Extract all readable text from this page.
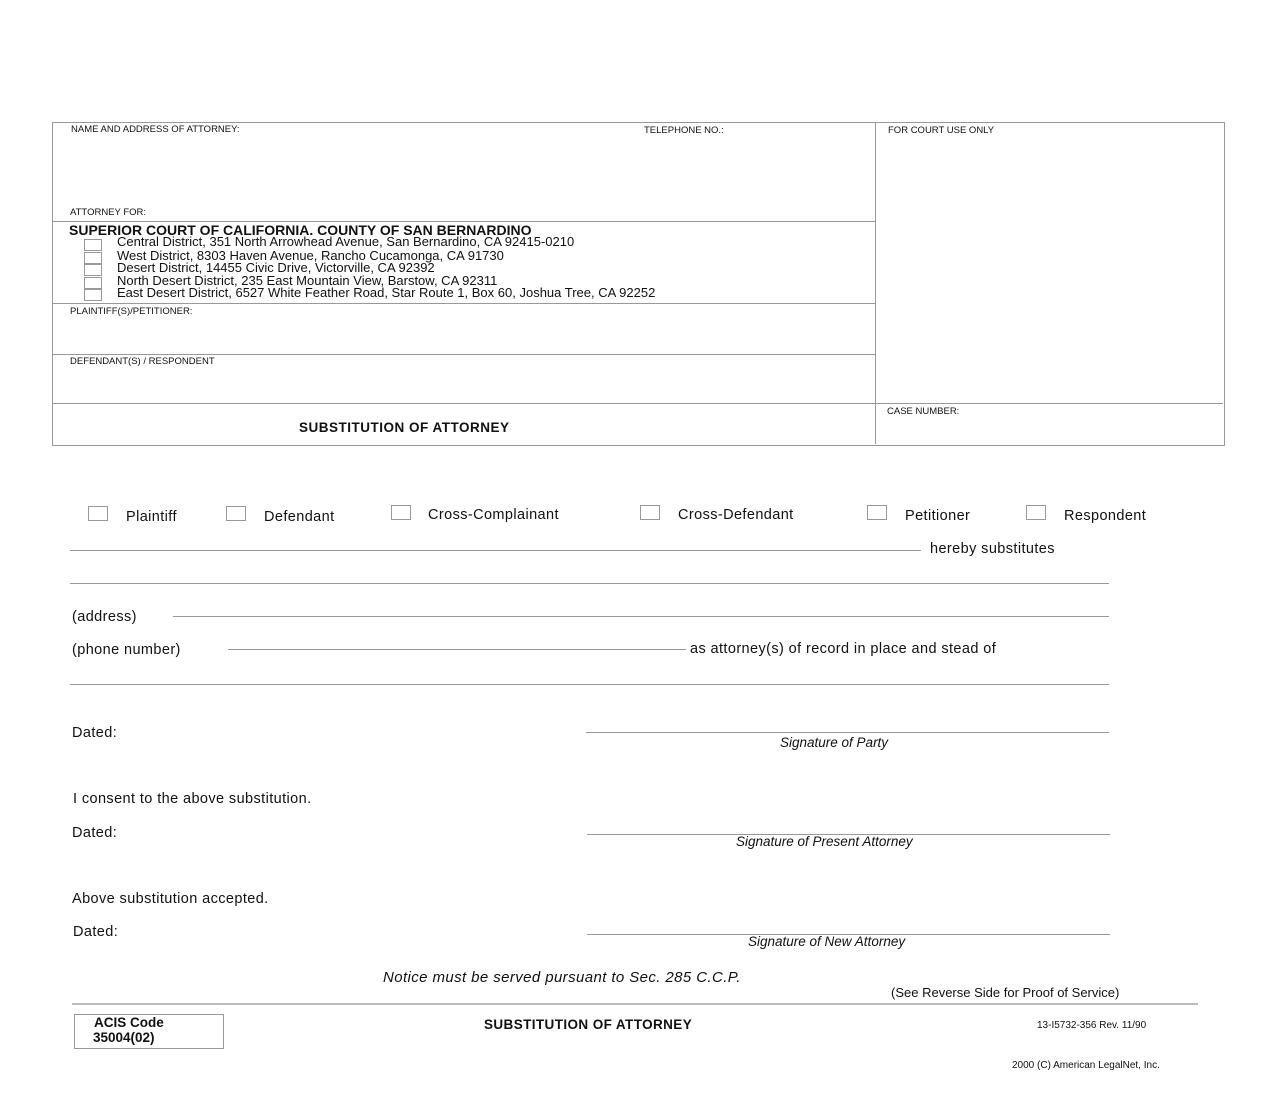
NAME AND ADDRESS OF ATTORNEY:	TELEPHONE NO.:
ATTORNEY FOR:
FOR COURT USE ONLY
SUPERIOR COURT OF CALIFORNIA. COUNTY OF SAN BERNARDINO
Central District, 351 North Arrowhead Avenue, San Bernardino, CA 92415-0210
West District, 8303 Haven Avenue, Rancho Cucamonga, CA 91730
Desert District, 14455 Civic Drive, Victorville, CA 92392
North Desert District, 235 East Mountain View, Barstow, CA 92311
East Desert District, 6527 White Feather Road, Star Route 1, Box 60, Joshua Tree, CA 92252
PLAINTIFF(S)/PETITIONER:
DEFENDANT(S) / RESPONDENT
SUBSTITUTION OF ATTORNEY
CASE NUMBER:
Plaintiff	Defendant	Cross-Complainant	Cross-Defendant	Petitioner	Respondent
hereby substitutes
(address)
(phone number)	as attorney(s) of record in place and stead of
Dated:
Signature of Party
I consent to the above substitution.
Dated:
Signature of Present Attorney
Above substitution accepted.
Dated:
Signature of New Attorney
Notice must be served pursuant to Sec. 285 C.C.P.
(See Reverse Side for Proof of Service)
ACIS Code
35004(02)
SUBSTITUTION OF ATTORNEY	13-I5732-356 Rev. 11/90
2000 (C) American LegalNet, Inc.
